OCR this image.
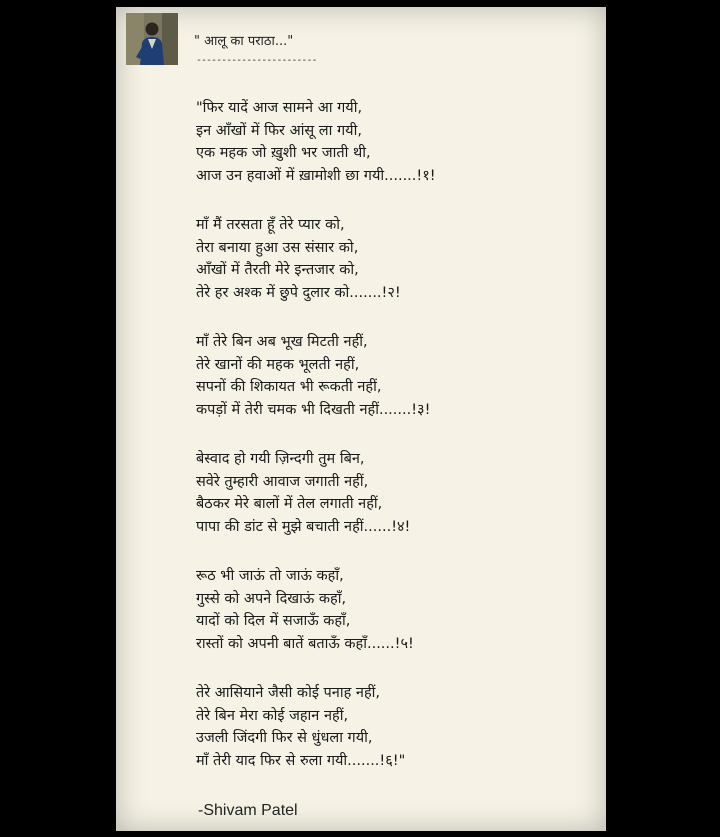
" आलू का पराठा..."
------------------------
"फिर यादें आज सामने आ गयी,
इन आँखों में फिर आंसू ला गयी,
एक महक जो ख़ुशी भर जाती थी,
आज उन हवाओं में ख़ामोशी छा गयी.......!१!
माँ मैं तरसता हूँ तेरे प्यार को,
तेरा बनाया हुआ उस संसार को,
आँखों में तैरती मेरे इन्तजार को,
तेरे हर अश्क में छुपे दुलार को.......!२!
माँ तेरे बिन अब भूख मिटती नहीं,
तेरे खानों की महक भूलती नहीं,
सपनों की शिकायत भी रूकती नहीं,
कपड़ों में तेरी चमक भी दिखती नहीं.......!३!
बेस्वाद हो गयी ज़िन्दगी तुम बिन,
सवेरे तुम्हारी आवाज जगाती नहीं,
बैठकर मेरे बालों में तेल लगाती नहीं,
पापा की डांट से मुझे बचाती नहीं......!४!
रूठ भी जाऊं तो जाऊं कहाँ,
गुस्से को अपने दिखाऊं कहाँ,
यादों को दिल में सजाऊँ कहाँ,
रास्तों को अपनी बातें बताऊँ कहाँ......!५!
तेरे आसियाने जैसी कोई पनाह नहीं,
तेरे बिन मेरा कोई जहान नहीं,
उजली जिंदगी फिर से धुंधला गयी,
माँ तेरी याद फिर से रुला गयी.......!६!"
-Shivam Patel
